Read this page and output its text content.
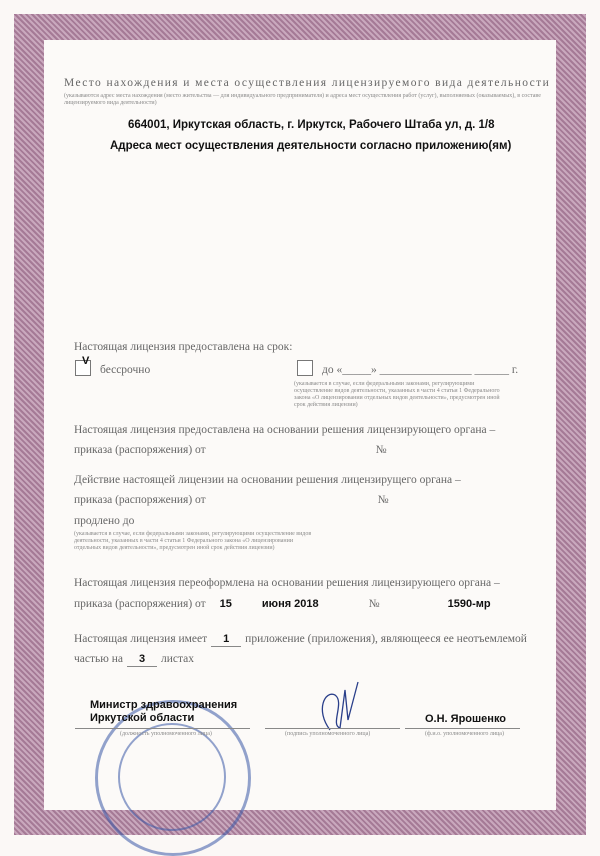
Место нахождения и места осуществления лицензируемого вида деятельности
(указываются адрес места нахождения (место жительства — для индивидуального предпринимателя) и адреса мест осуществления работ (услуг), выполняемых (оказываемых), в составе лицензируемого вида деятельности)
664001, Иркутская область, г. Иркутск, Рабочего Штаба ул, д. 1/8
Адреса мест осуществления деятельности согласно приложению(ям)
Настоящая лицензия предоставлена на срок:
V
бессрочно	до «_____» ________________ ______ г.
(указывается в случае, если федеральными законами, регулирующими осуществление видов деятельности, указанных в части 4 статьи 1 Федерального закона «О лицензировании отдельных видов деятельности», предусмотрен иной срок действия лицензии)
Настоящая лицензия предоставлена на основании решения лицензирующего органа –
приказа (распоряжения) от	№
Действие настоящей лицензии на основании решения лицензирущего органа –
приказа (распоряжения) от	№
продлено до
(указывается в случае, если федеральными законами, регулирующими осуществление видов деятельности, указанных в части 4 статьи 1 Федерального закона «О лицензировании отдельных видов деятельности», предусмотрен иной срок действия лицензии)
Настоящая лицензия переоформлена на основании решения лицензирующего органа –
приказа (распоряжения) от 15	июня 2018	№	1590-мр
Настоящая лицензия имеет	1	приложение (приложения), являющееся ее неотъемлемой
частью на	3	листах
Министр здравоохранения
Иркутской области
(должность уполномоченного лица)	(подпись уполномоченного лица)
О.Н. Ярошенко
(ф.и.о. уполномоченного лица)
